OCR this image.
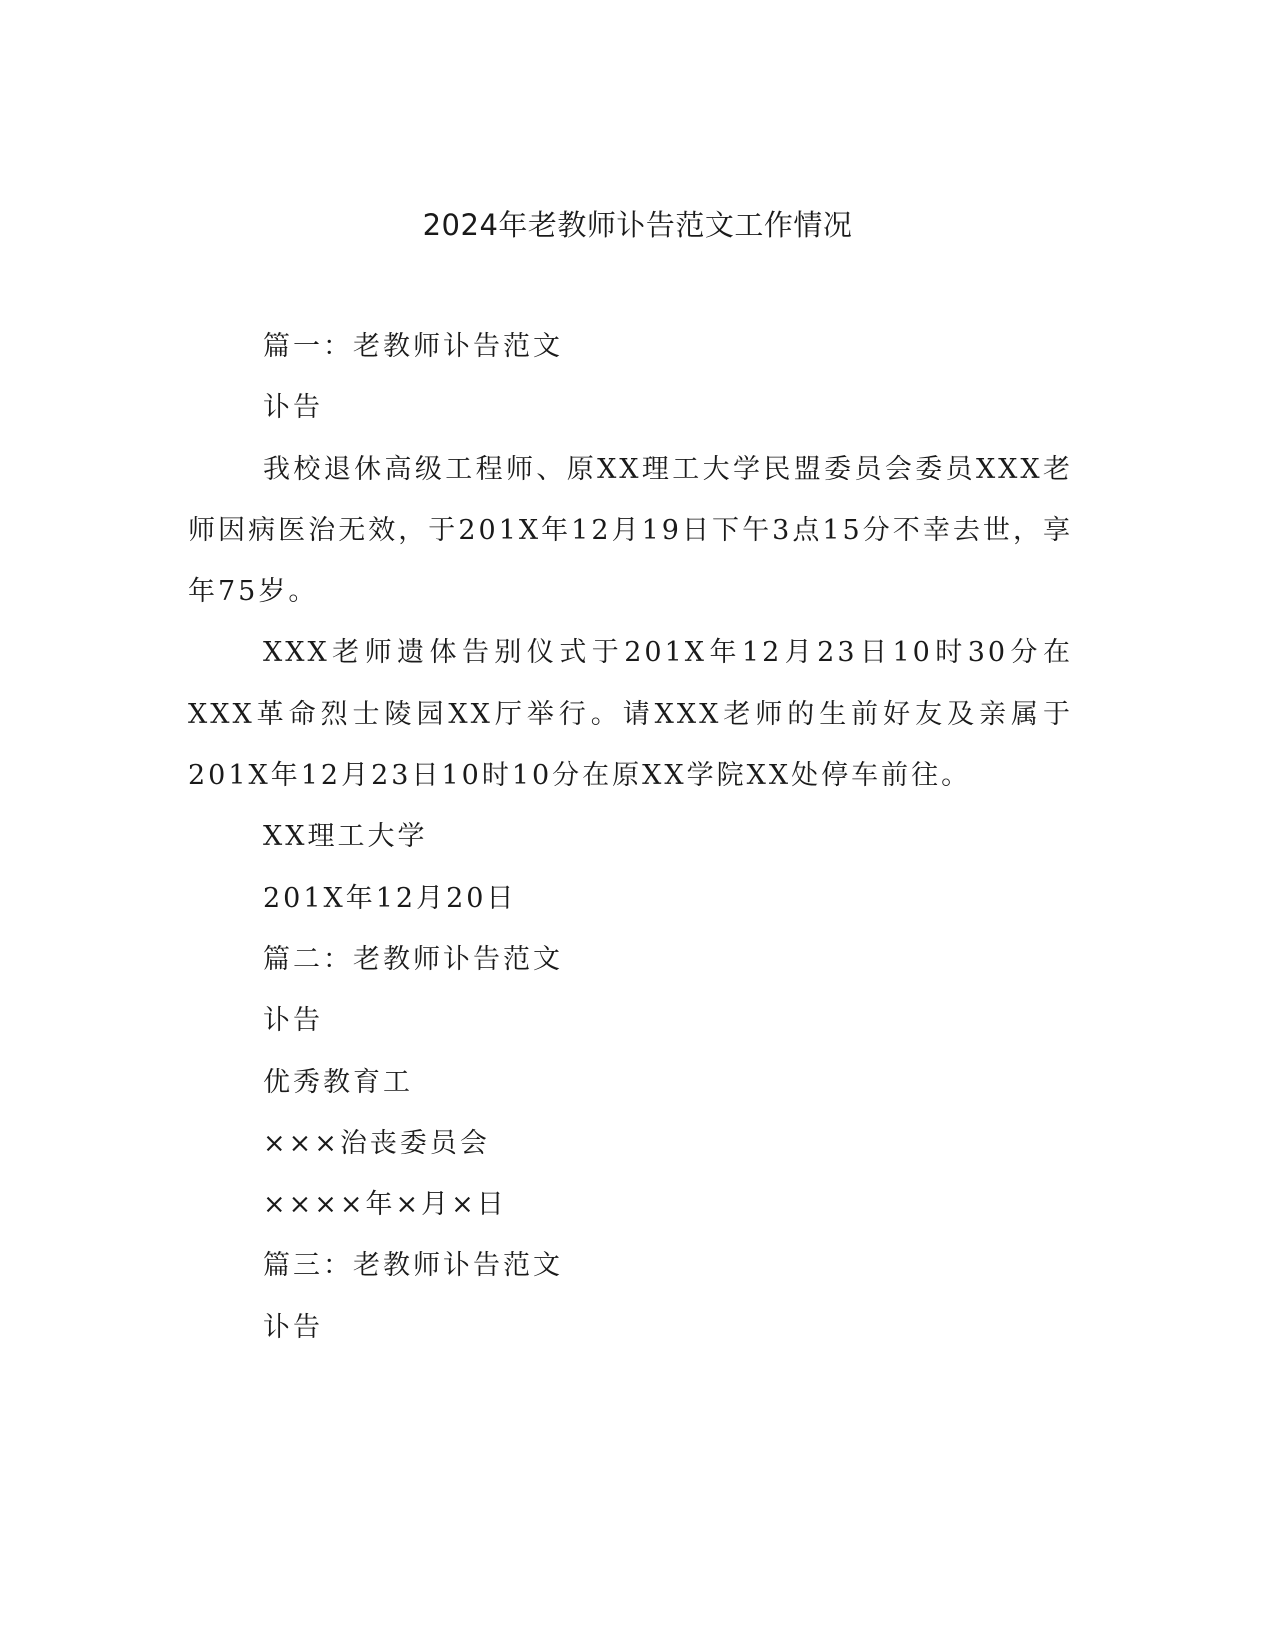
2024年老教师讣告范文工作情况

篇一：老教师讣告范文

讣告

我校退休高级工程师、原XX理工大学民盟委员会委员XXX老师因病医治无效，于201X年12月19日下午3点15分不幸去世，享年75岁。

XXX老师遗体告别仪式于201X年12月23日10时30分在XXX革命烈士陵园XX厅举行。请XXX老师的生前好友及亲属于201X年12月23日10时10分在原XX学院XX处停车前往。

XX理工大学

201X年12月20日

篇二：老教师讣告范文

讣告

优秀教育工

×××治丧委员会

××××年×月×日

篇三：老教师讣告范文

讣告
